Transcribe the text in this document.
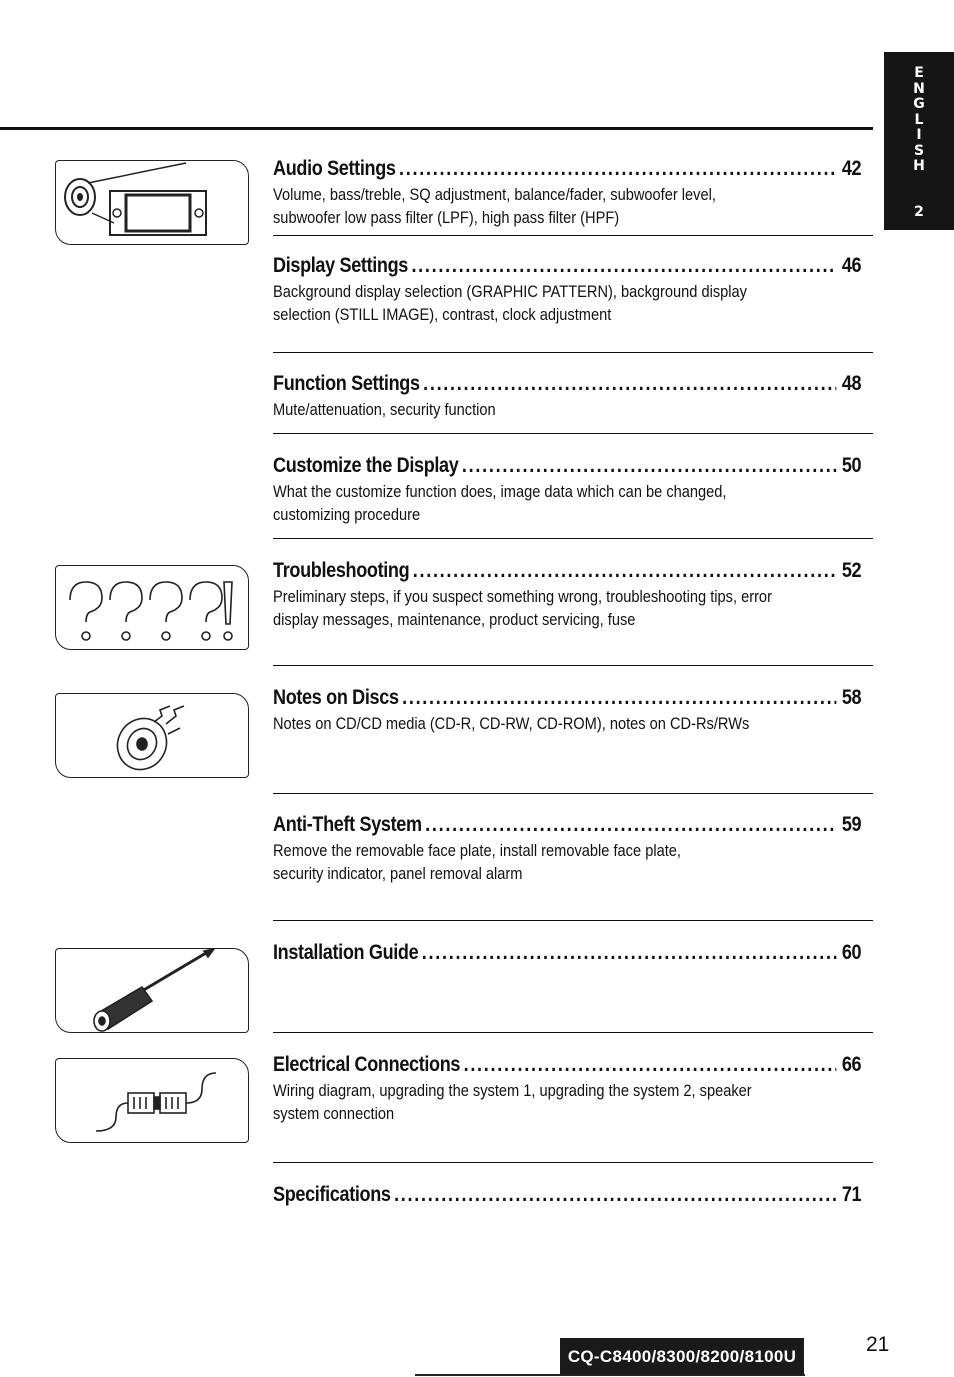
E
N
G
L
I
S
H
2
Audio Settings .....	42
Volume, bass/treble, SQ adjustment, balance/fader, subwoofer level,
subwoofer low pass filter (LPF), high pass filter (HPF)
Display Settings .....	46
Background display selection (GRAPHIC PATTERN), background display
selection (STILL IMAGE), contrast, clock adjustment
Function Settings .....	48
Mute/attenuation, security function
Customize the Display .....	50
What the customize function does, image data which can be changed,
customizing procedure
Troubleshooting .....	52
Preliminary steps, if you suspect something wrong, troubleshooting tips, error
display messages, maintenance, product servicing, fuse
Notes on Discs .....	58
Notes on CD/CD media (CD-R, CD-RW, CD-ROM), notes on CD-Rs/RWs
Anti-Theft System .....	59
Remove the removable face plate, install removable face plate,
security indicator, panel removal alarm
Installation Guide .....	60
Electrical Connections .....	66
Wiring diagram, upgrading the system 1, upgrading the system 2, speaker
system connection
Specifications .....	71
CQ-C8400/8300/8200/8100U
21
